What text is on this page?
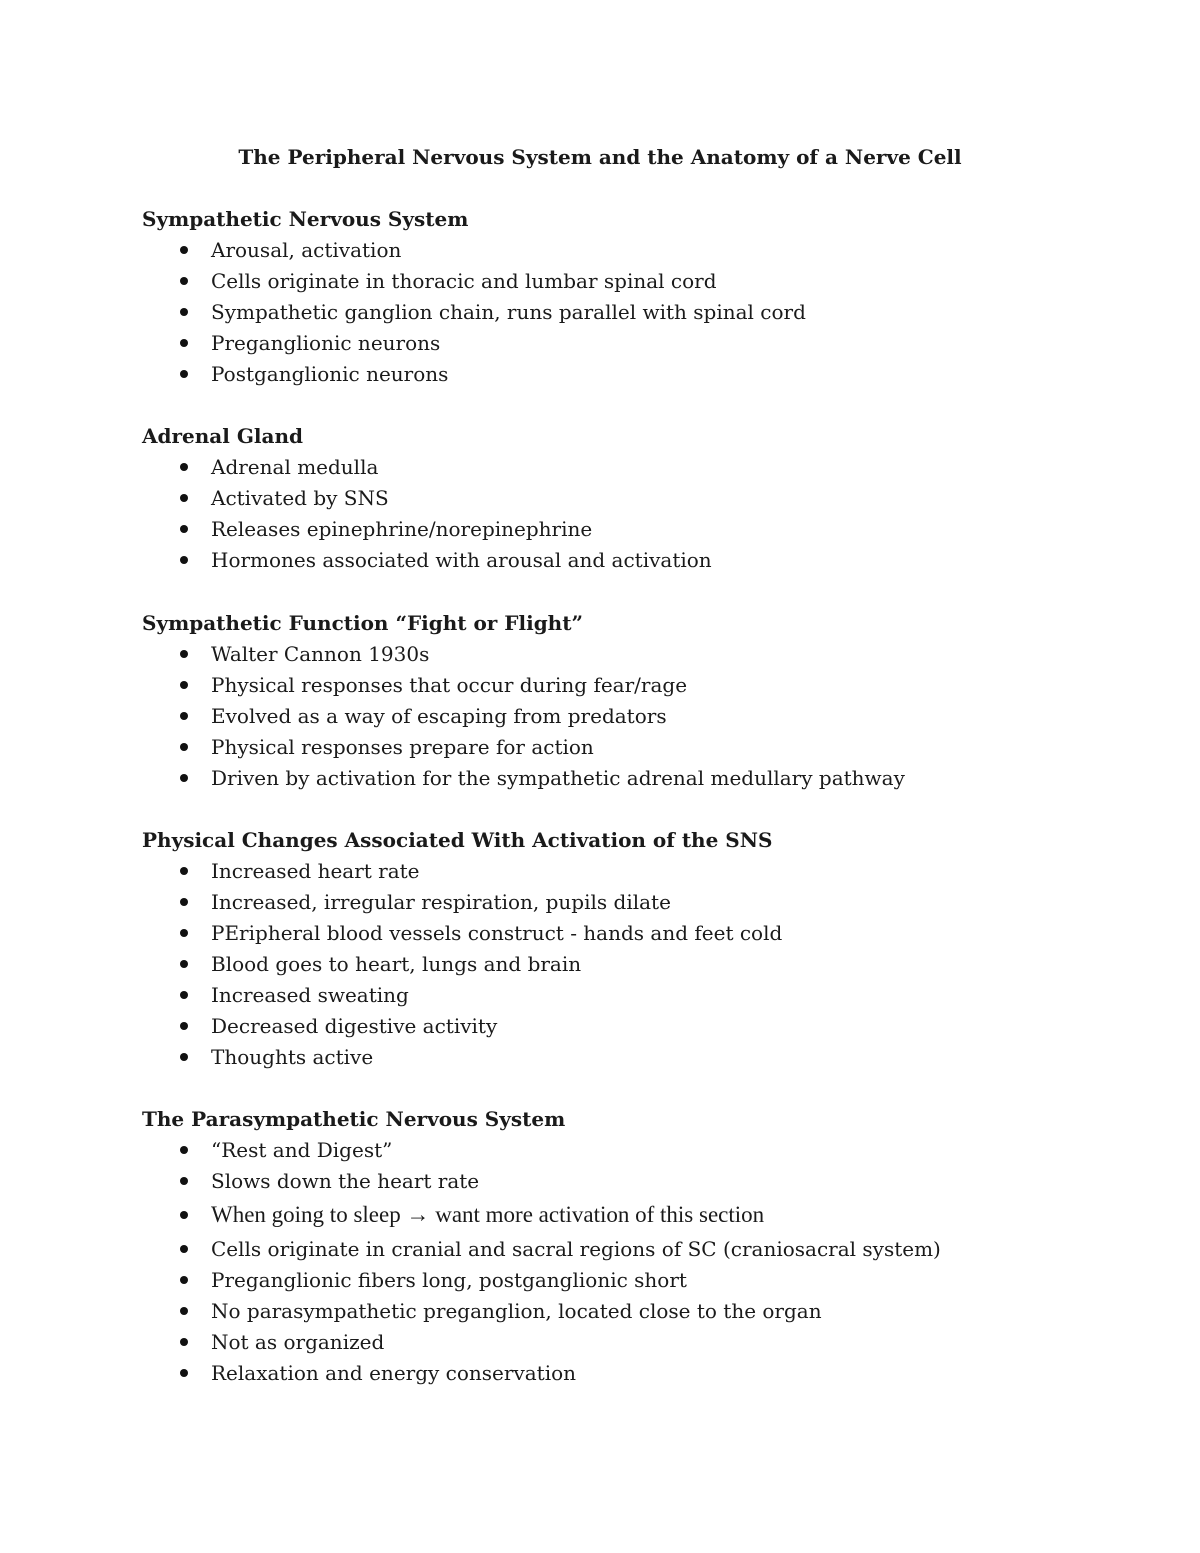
The Peripheral Nervous System and the Anatomy of a Nerve Cell
Sympathetic Nervous System
Arousal, activation
Cells originate in thoracic and lumbar spinal cord
Sympathetic ganglion chain, runs parallel with spinal cord
Preganglionic neurons
Postganglionic neurons
Adrenal Gland
Adrenal medulla
Activated by SNS
Releases epinephrine/norepinephrine
Hormones associated with arousal and activation
Sympathetic Function “Fight or Flight”
Walter Cannon 1930s
Physical responses that occur during fear/rage
Evolved as a way of escaping from predators
Physical responses prepare for action
Driven by activation for the sympathetic adrenal medullary pathway
Physical Changes Associated With Activation of the SNS
Increased heart rate
Increased, irregular respiration, pupils dilate
PEripheral blood vessels construct - hands and feet cold
Blood goes to heart, lungs and brain
Increased sweating
Decreased digestive activity
Thoughts active
The Parasympathetic Nervous System
“Rest and Digest”
Slows down the heart rate
When going to sleep → want more activation of this section
Cells originate in cranial and sacral regions of SC (craniosacral system)
Preganglionic fibers long, postganglionic short
No parasympathetic preganglion, located close to the organ
Not as organized
Relaxation and energy conservation
